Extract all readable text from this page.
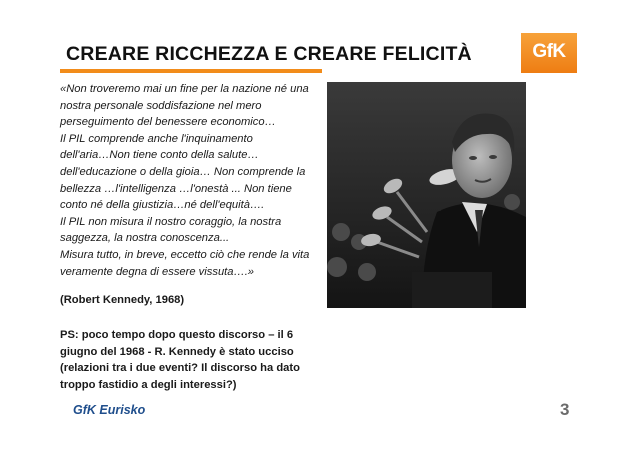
CREARE RICCHEZZA E CREARE FELICITÀ	GfK
«Non troveremo mai un fine per la nazione né una
nostra personale soddisfazione nel mero
perseguimento del benessere economico…
Il PIL comprende anche l'inquinamento
dell'aria…Non tiene conto della salute…
dell'educazione o della gioia… Non comprende la
bellezza …l'intelligenza …l'onestà ... Non tiene
conto né della giustizia…né dell'equità….
Il PIL non misura il nostro coraggio, la nostra
saggezza, la nostra conoscenza...
Misura tutto, in breve, eccetto ciò che rende la vita
veramente degna di essere vissuta….»
(Robert Kennedy, 1968)
PS: poco tempo dopo questo discorso – il 6
giugno del 1968 - R. Kennedy è stato ucciso
(relazioni tra i due eventi? Il discorso ha dato
troppo fastidio a degli interessi?)
GfK Eurisko	3
